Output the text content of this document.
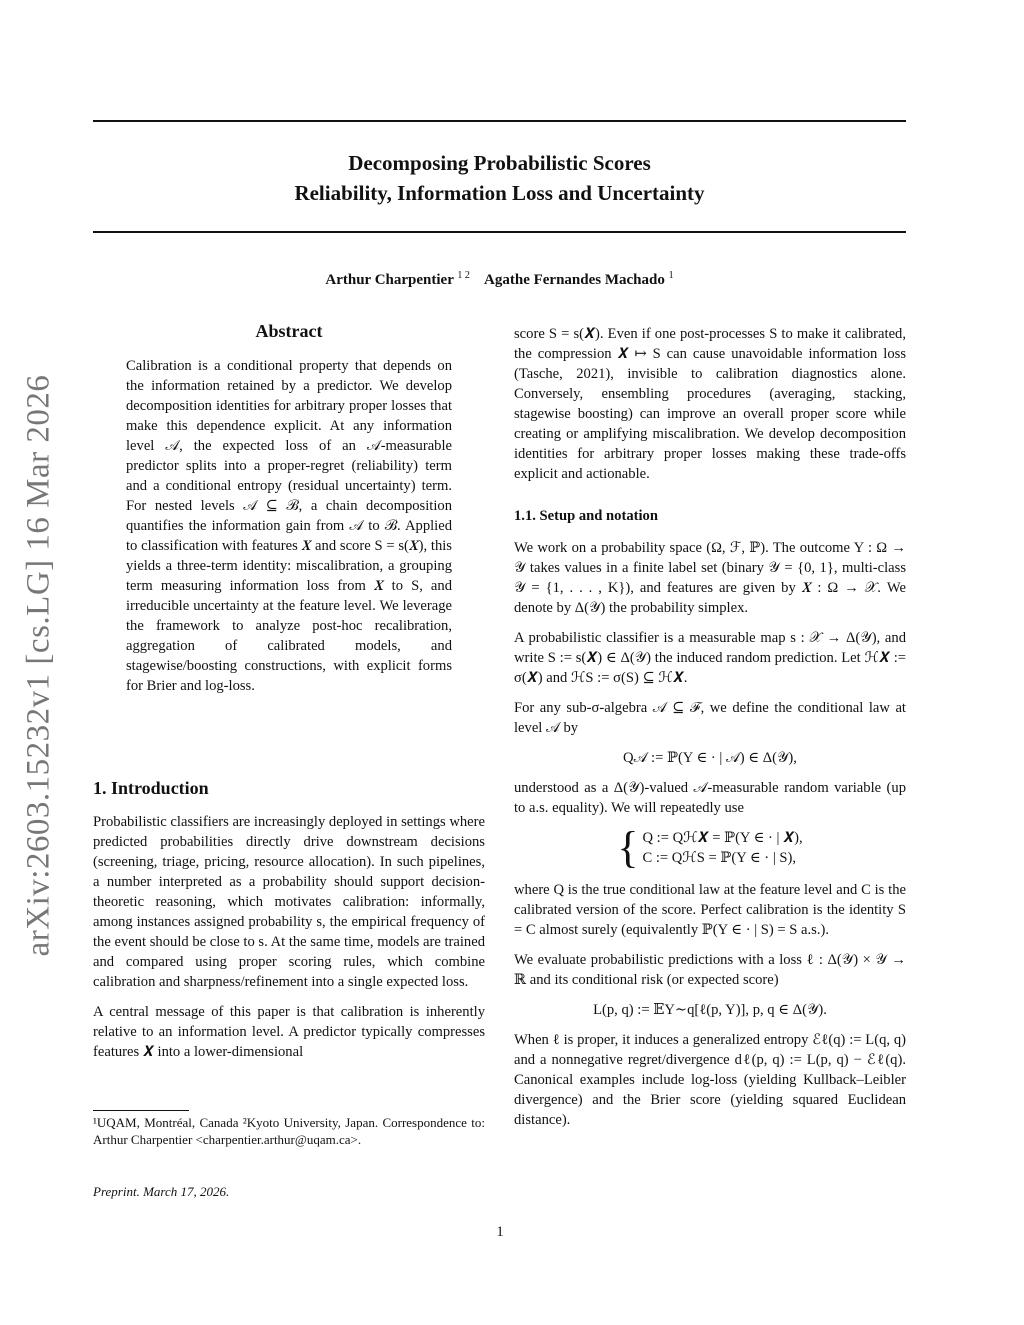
arXiv:2603.15232v1 [cs.LG] 16 Mar 2026
Decomposing Probabilistic Scores
Reliability, Information Loss and Uncertainty
Arthur Charpentier $^{1 2}$ Agathe Fernandes Machado $^1$
Abstract

Calibration is a conditional property that depends on the information retained by a predictor. We develop decomposition identities for arbitrary proper losses that make this dependence explicit. At any information level 𝒜, the expected loss of an 𝒜-measurable predictor splits into a proper-regret (reliability) term and a conditional entropy (residual uncertainty) term. For nested levels 𝒜 ⊆ ℬ, a chain decomposition quantifies the information gain from 𝒜 to ℬ. Applied to classification with features 𝑿 and score S = s(𝑿), this yields a three-term identity: miscalibration, a grouping term measuring information loss from 𝑿 to S, and irreducible uncertainty at the feature level. We leverage the framework to analyze post-hoc recalibration, aggregation of calibrated models, and stagewise/boosting constructions, with explicit forms for Brier and log-loss.

1. Introduction

Probabilistic classifiers are increasingly deployed in settings where predicted probabilities directly drive downstream decisions (screening, triage, pricing, resource allocation). In such pipelines, a number interpreted as a probability should support decision-theoretic reasoning, which motivates calibration: informally, among instances assigned probability s, the empirical frequency of the event should be close to s. At the same time, models are trained and compared using proper scoring rules, which combine calibration and sharpness/refinement into a single expected loss.

A central message of this paper is that calibration is inherently relative to an information level. A predictor typically compresses features 𝑿 into a lower-dimensional

¹UQAM, Montréal, Canada ²Kyoto University, Japan. Correspondence to: Arthur Charpentier <charpentier.arthur@uqam.ca>.
Preprint. March 17, 2026.

score S = s(𝑿). Even if one post-processes S to make it calibrated, the compression 𝑿 ↦ S can cause unavoidable information loss (Tasche, 2021), invisible to calibration diagnostics alone. Conversely, ensembling procedures (averaging, stacking, stagewise boosting) can improve an overall proper score while creating or amplifying miscalibration. We develop decomposition identities for arbitrary proper losses making these trade-offs explicit and actionable.

1.1. Setup and notation

We work on a probability space (Ω, ℱ, ℙ). The outcome Y : Ω → 𝒴 takes values in a finite label set (binary 𝒴 = {0, 1}, multi-class 𝒴 = {1, . . . , K}), and features are given by 𝑿 : Ω → 𝒳. We denote by Δ(𝒴) the probability simplex.

A probabilistic classifier is a measurable map s : 𝒳 → Δ(𝒴), and write S := s(𝑿) ∈ Δ(𝒴) the induced random prediction. Let ℋ𝑿 := σ(𝑿) and ℋS := σ(S) ⊆ ℋ𝑿.

For any sub-σ-algebra 𝒜 ⊆ ℱ, we define the conditional law at level 𝒜 by

Q𝒜 := ℙ(Y ∈ · | 𝒜) ∈ Δ(𝒴),

understood as a Δ(𝒴)-valued 𝒜-measurable random variable (up to a.s. equality). We will repeatedly use

{ Q := Qℋ𝑿 = ℙ(Y ∈ · | 𝑿),
C := QℋS = ℙ(Y ∈ · | S),

where Q is the true conditional law at the feature level and C is the calibrated version of the score. Perfect calibration is the identity S = C almost surely (equivalently ℙ(Y ∈ · | S) = S a.s.).

We evaluate probabilistic predictions with a loss ℓ : Δ(𝒴) × 𝒴 → ℝ and its conditional risk (or expected score)

L(p, q) := 𝔼Y∼q[ℓ(p, Y)], p, q ∈ Δ(𝒴).

When ℓ is proper, it induces a generalized entropy ℰℓ(q) := L(q, q) and a nonnegative regret/divergence dℓ(p, q) := L(p, q) − ℰℓ(q). Canonical examples include log-loss (yielding Kullback–Leibler divergence) and the Brier score (yielding squared Euclidean distance).

1
